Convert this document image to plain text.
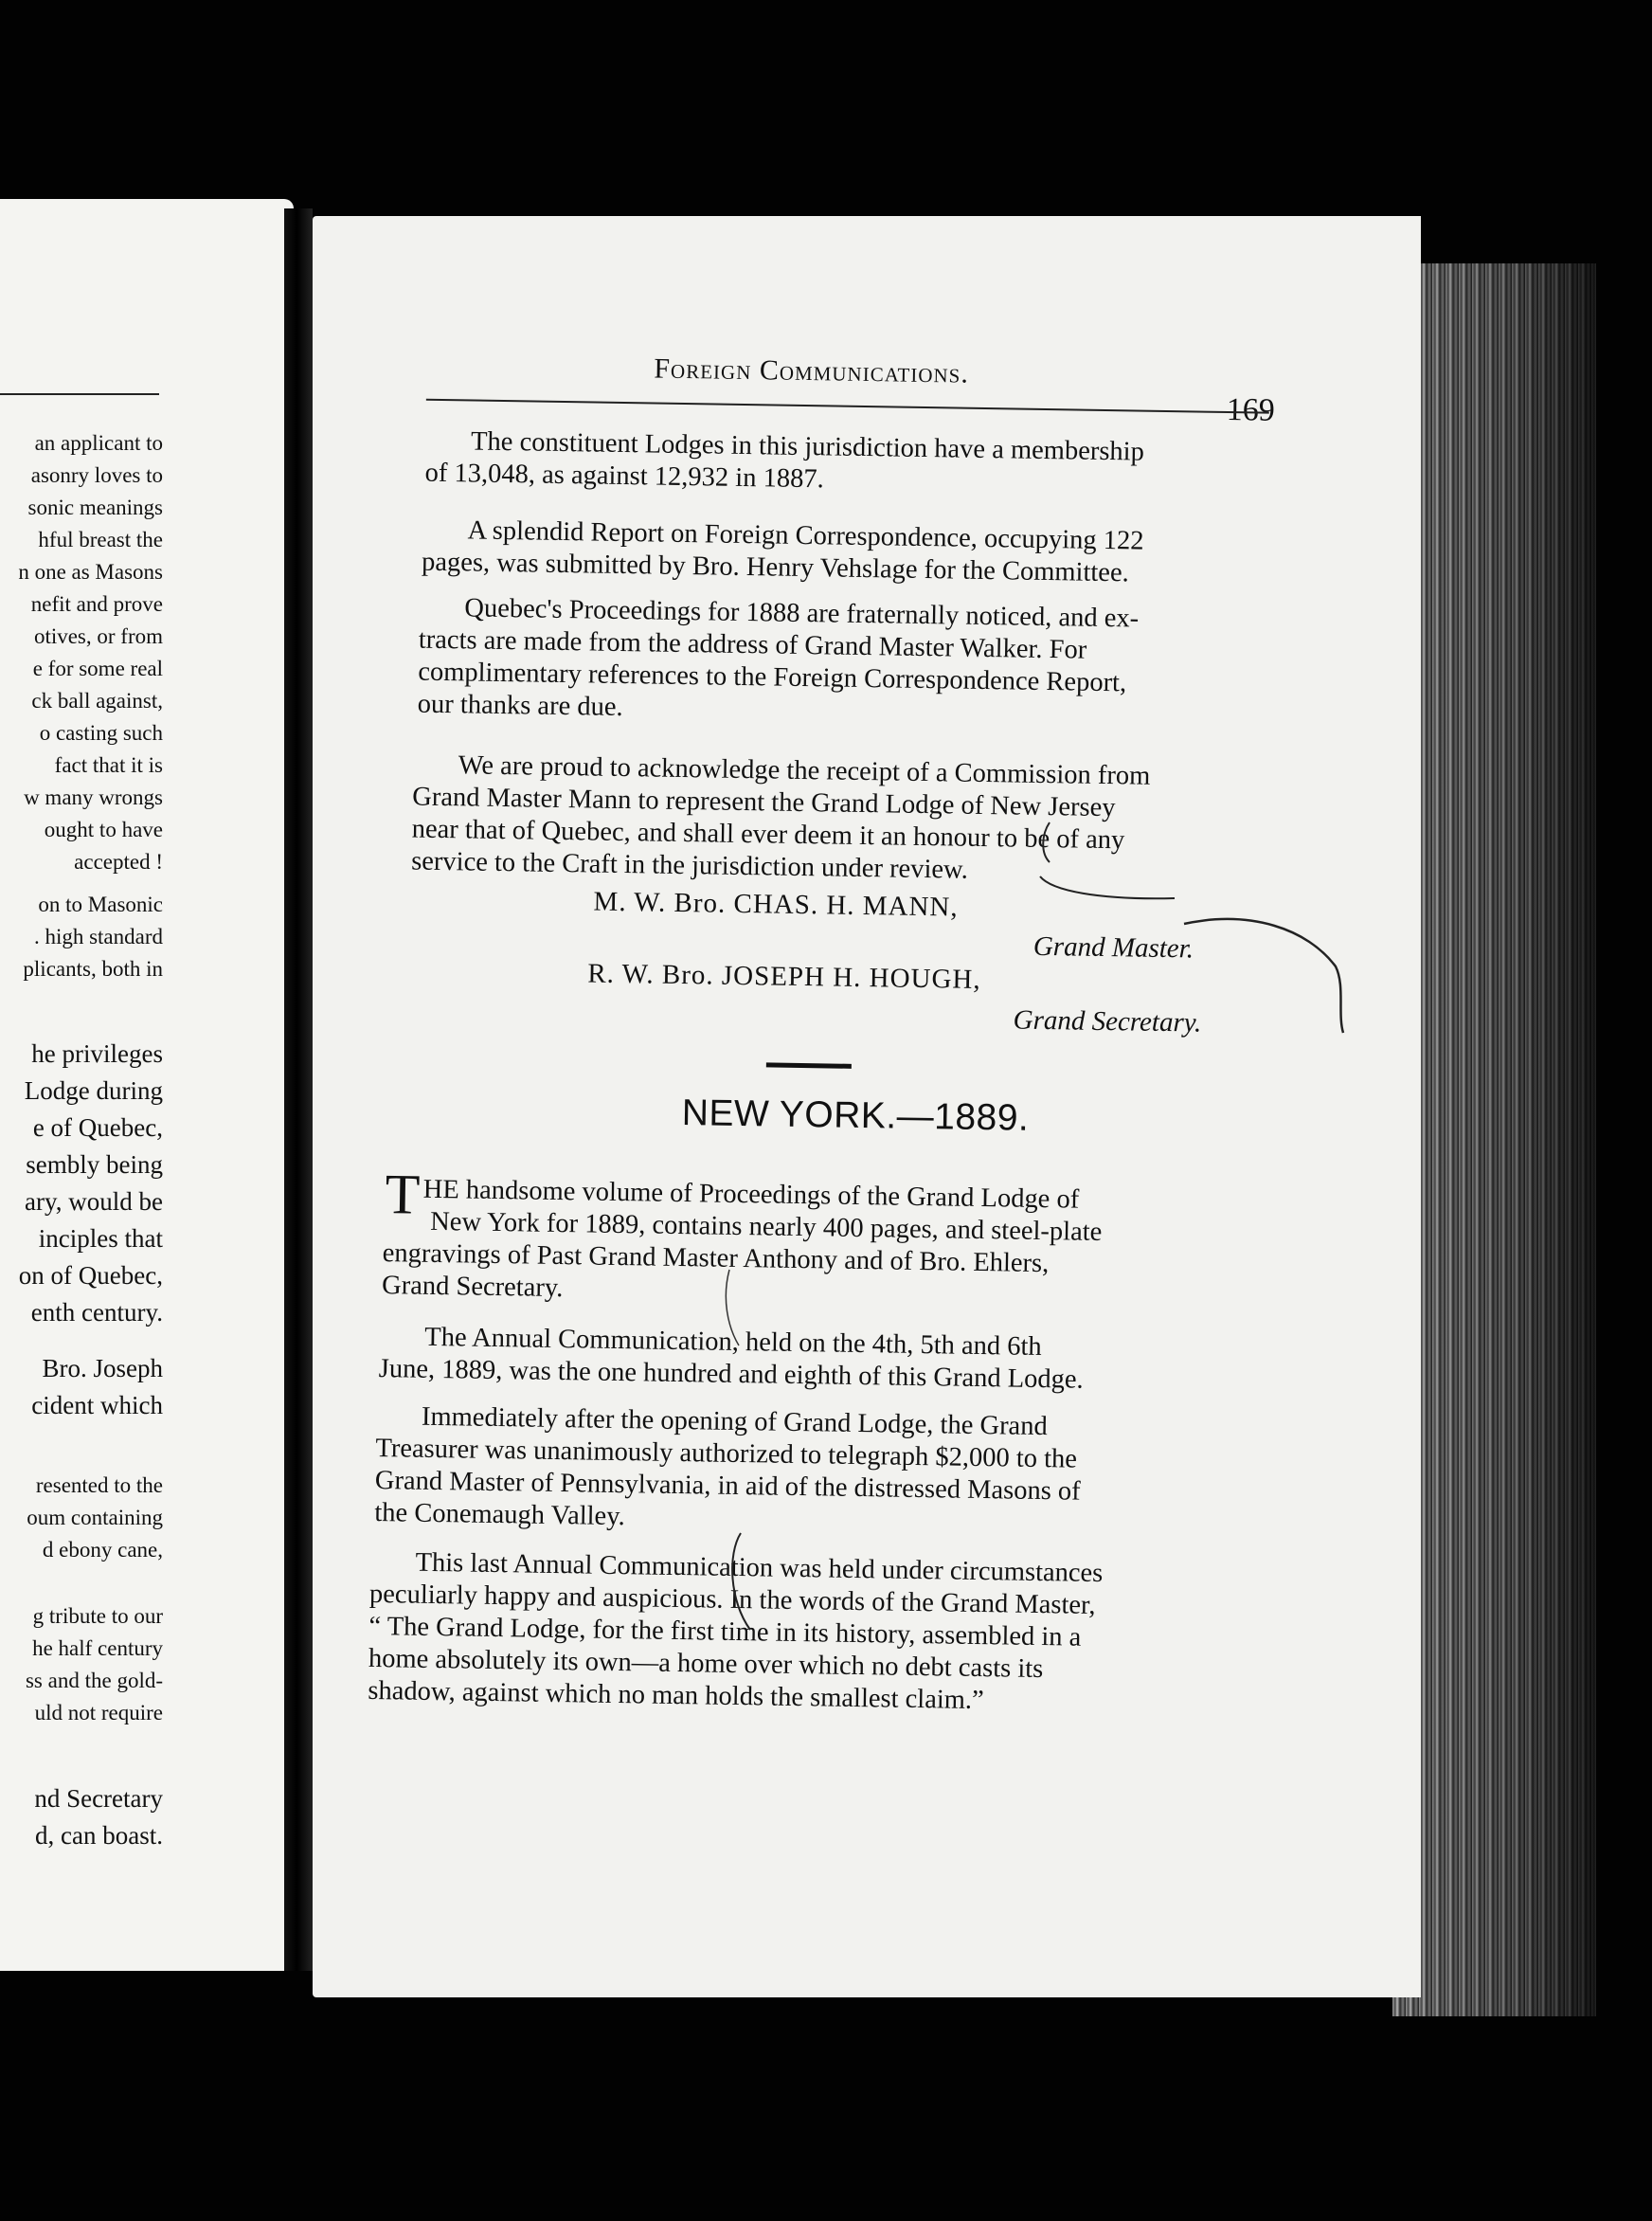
an applicant to
asonry loves to
sonic meanings
hful breast the
n one as Masons
nefit and prove
otives, or from
e for some real
ck ball against,
o casting such
fact that it is
w many wrongs
ought to have
accepted !
on to Masonic
. high standard
plicants, both in
he privileges
Lodge during
e of Quebec,
sembly being
ary, would be
inciples that
on of Quebec,
enth century.
Bro. Joseph
cident which
resented to the
oum containing
d ebony cane,
g tribute to our
he half century
ss and the gold-
uld not require
nd Secretary
d, can boast.
Foreign Communications.
169
The constituent Lodges in this jurisdiction have a membership
of 13,048, as against 12,932 in 1887.
A splendid Report on Foreign Correspondence, occupying 122
pages, was submitted by Bro. Henry Vehslage for the Committee.
Quebec's Proceedings for 1888 are fraternally noticed, and ex-
tracts are made from the address of Grand Master Walker. For
complimentary references to the Foreign Correspondence Report,
our thanks are due.
We are proud to acknowledge the receipt of a Commission from
Grand Master Mann to represent the Grand Lodge of New Jersey
near that of Quebec, and shall ever deem it an honour to be of any
service to the Craft in the jurisdiction under review.
M. W. Bro. CHAS. H. MANN,
Grand Master.
R. W. Bro. JOSEPH H. HOUGH,
Grand Secretary.
NEW YORK.—1889.
T HE handsome volume of Proceedings of the Grand Lodge of
New York for 1889, contains nearly 400 pages, and steel-plate
engravings of Past Grand Master Anthony and of Bro. Ehlers,
Grand Secretary.
The Annual Communication, held on the 4th, 5th and 6th
June, 1889, was the one hundred and eighth of this Grand Lodge.
Immediately after the opening of Grand Lodge, the Grand
Treasurer was unanimously authorized to telegraph $2,000 to the
Grand Master of Pennsylvania, in aid of the distressed Masons of
the Conemaugh Valley.
This last Annual Communication was held under circumstances
peculiarly happy and auspicious. In the words of the Grand Master,
“ The Grand Lodge, for the first time in its history, assembled in a
home absolutely its own—a home over which no debt casts its
shadow, against which no man holds the smallest claim.”
